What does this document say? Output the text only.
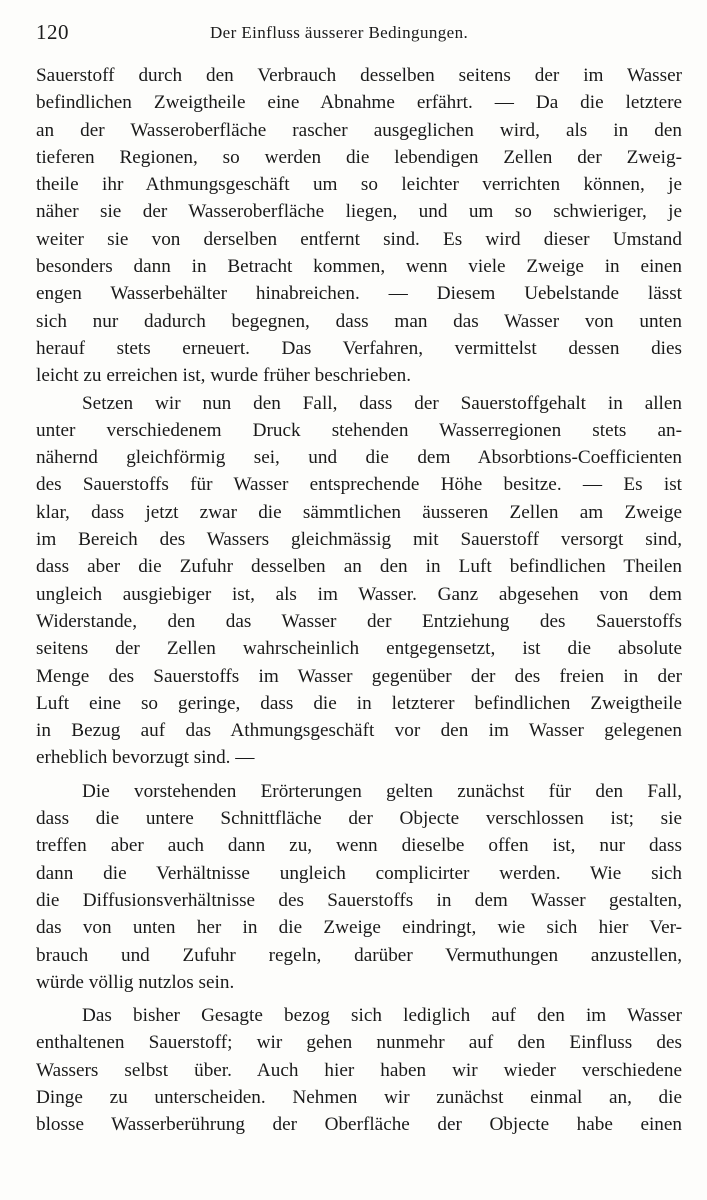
120	Der Einfluss äusserer Bedingungen.
Sauerstoff durch den Verbrauch desselben seitens der im Wasser
befindlichen Zweigtheile eine Abnahme erfährt. — Da die letztere
an der Wasseroberfläche rascher ausgeglichen wird, als in den
tieferen Regionen, so werden die lebendigen Zellen der Zweig-
theile ihr Athmungsgeschäft um so leichter verrichten können, je
näher sie der Wasseroberfläche liegen, und um so schwieriger, je
weiter sie von derselben entfernt sind. Es wird dieser Umstand
besonders dann in Betracht kommen, wenn viele Zweige in einen
engen Wasserbehälter hinabreichen. — Diesem Uebelstande lässt
sich nur dadurch begegnen, dass man das Wasser von unten
herauf stets erneuert. Das Verfahren, vermittelst dessen dies
leicht zu erreichen ist, wurde früher beschrieben.
Setzen wir nun den Fall, dass der Sauerstoffgehalt in allen
unter verschiedenem Druck stehenden Wasserregionen stets an-
nähernd gleichförmig sei, und die dem Absorbtions-Coefficienten
des Sauerstoffs für Wasser entsprechende Höhe besitze. — Es ist
klar, dass jetzt zwar die sämmtlichen äusseren Zellen am Zweige
im Bereich des Wassers gleichmässig mit Sauerstoff versorgt sind,
dass aber die Zufuhr desselben an den in Luft befindlichen Theilen
ungleich ausgiebiger ist, als im Wasser. Ganz abgesehen von dem
Widerstande, den das Wasser der Entziehung des Sauerstoffs
seitens der Zellen wahrscheinlich entgegensetzt, ist die absolute
Menge des Sauerstoffs im Wasser gegenüber der des freien in der
Luft eine so geringe, dass die in letzterer befindlichen Zweigtheile
in Bezug auf das Athmungsgeschäft vor den im Wasser gelegenen
erheblich bevorzugt sind. —
Die vorstehenden Erörterungen gelten zunächst für den Fall,
dass die untere Schnittfläche der Objecte verschlossen ist; sie
treffen aber auch dann zu, wenn dieselbe offen ist, nur dass
dann die Verhältnisse ungleich complicirter werden. Wie sich
die Diffusionsverhältnisse des Sauerstoffs in dem Wasser gestalten,
das von unten her in die Zweige eindringt, wie sich hier Ver-
brauch und Zufuhr regeln, darüber Vermuthungen anzustellen,
würde völlig nutzlos sein.
Das bisher Gesagte bezog sich lediglich auf den im Wasser
enthaltenen Sauerstoff; wir gehen nunmehr auf den Einfluss des
Wassers selbst über. Auch hier haben wir wieder verschiedene
Dinge zu unterscheiden. Nehmen wir zunächst einmal an, die
blosse Wasserberührung der Oberfläche der Objecte habe einen
